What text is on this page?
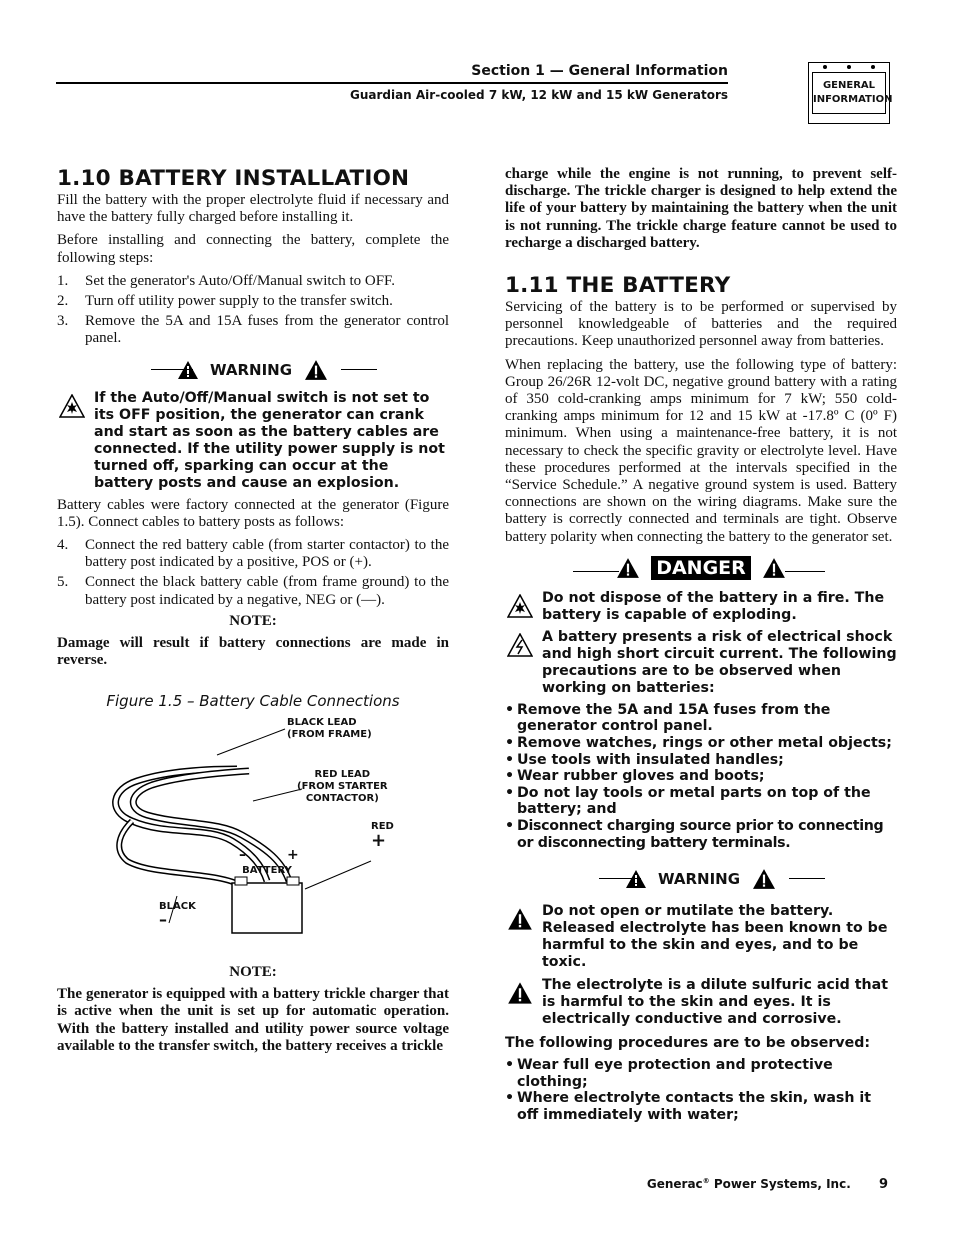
Section 1 — General Information
Guardian Air-cooled 7 kW, 12 kW and 15 kW Generators
GENERAL
INFORMATION
1.10 BATTERY INSTALLATION

Fill the battery with the proper electrolyte fluid if necessary and have the battery fully charged before installing it.

Before installing and connecting the battery, complete the following steps:

1. Set the generator's Auto/Off/Manual switch to OFF.
2. Turn off utility power supply to the transfer switch.
3. Remove the 5A and 15A fuses from the generator control panel.
WARNING
If the Auto/Off/Manual switch is not set to its OFF position, the generator can crank and start as soon as the battery cables are connected. If the utility power supply is not turned off, sparking can occur at the battery posts and cause an explosion.

Battery cables were factory connected at the generator (Figure 1.5). Connect cables to battery posts as follows:

4. Connect the red battery cable (from starter contactor) to the battery post indicated by a positive, POS or (+).
5. Connect the black battery cable (from frame ground) to the battery post indicated by a negative, NEG or (—).

NOTE:

Damage will result if battery connections are made in reverse.

Figure 1.5 – Battery Cable Connections

BLACK LEAD
(FROM FRAME)
RED LEAD
(FROM STARTER
CONTACTOR)
RED
+
BLACK
–
–	+
BATTERY

NOTE:

The generator is equipped with a battery trickle charger that is active when the unit is set up for automatic operation. With the battery installed and utility power source voltage available to the transfer switch, the battery receives a trickle

charge while the engine is not running, to prevent self-discharge. The trickle charger is designed to help extend the life of your battery by maintaining the battery when the unit is not running. The trickle charge feature cannot be used to recharge a discharged battery.

1.11 THE BATTERY

Servicing of the battery is to be performed or supervised by personnel knowledgeable of batteries and the required precautions. Keep unauthorized personnel away from batteries.

When replacing the battery, use the following type of battery: Group 26/26R 12-volt DC, negative ground battery with a rating of 350 cold-cranking amps minimum for 7 kW; 550 cold-cranking amps minimum for 12 and 15 kW at -17.8º C (0º F) minimum. When using a maintenance-free battery, it is not necessary to check the specific gravity or electrolyte level. Have these procedures performed at the intervals specified in the “Service Schedule.” A negative ground system is used. Battery connections are shown on the wiring diagrams. Make sure the battery is correctly connected and terminals are tight. Observe battery polarity when connecting the battery to the generator set.

DANGER
Do not dispose of the battery in a fire. The battery is capable of exploding.
A battery presents a risk of electrical shock and high short circuit current. The following precautions are to be observed when working on batteries:
• Remove the 5A and 15A fuses from the generator control panel.
• Remove watches, rings or other metal objects;
• Use tools with insulated handles;
• Wear rubber gloves and boots;
• Do not lay tools or metal parts on top of the battery; and
• Disconnect charging source prior to connecting or disconnecting battery terminals.
WARNING
Do not open or mutilate the battery. Released electrolyte has been known to be harmful to the skin and eyes, and to be toxic.
The electrolyte is a dilute sulfuric acid that is harmful to the skin and eyes. It is electrically conductive and corrosive.

The following procedures are to be observed:

• Wear full eye protection and protective clothing;
• Where electrolyte contacts the skin, wash it off immediately with water;
Generac® Power Systems, Inc. 9
